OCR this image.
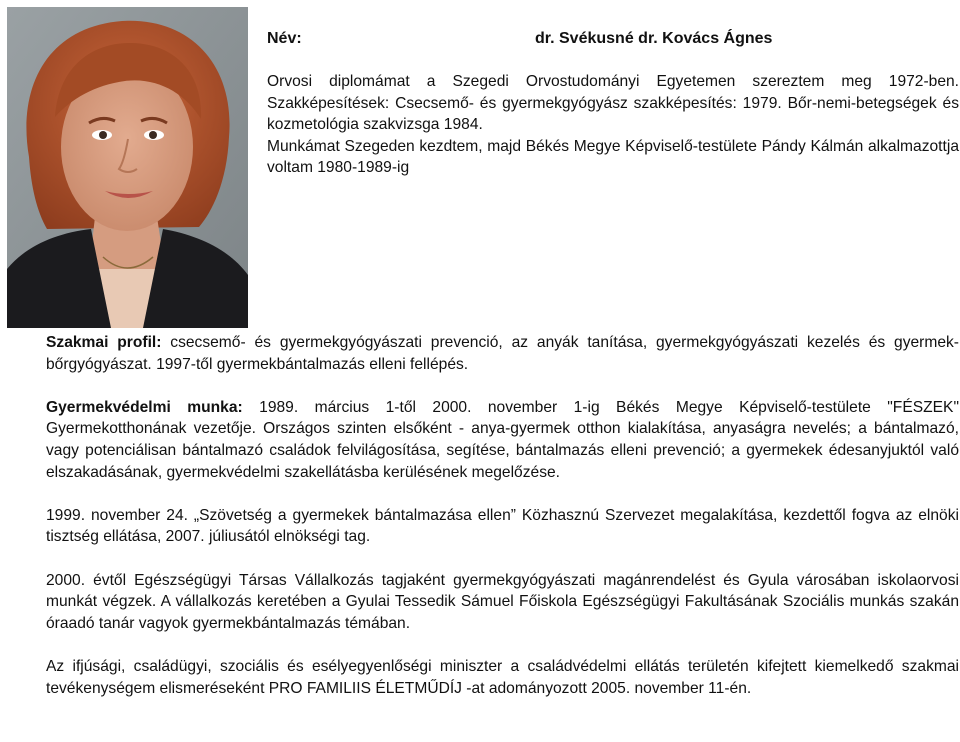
Név:	dr. Svékusné dr. Kovács Ágnes

Orvosi diplomámat a Szegedi Orvostudományi Egyetemen szereztem meg 1972-ben.

Szakképesítések: Csecsemő- és gyermekgyógyász szakképesítés: 1979. Bőr-nemi-betegségek és kozmetológia szakvizsga 1984.

Munkámat Szegeden kezdtem, majd Békés Megye Képviselő-testülete Pándy Kálmán alkalmazottja voltam 1980-1989-ig

Szakmai profil: csecsemő- és gyermekgyógyászati prevenció, az anyák tanítása, gyermekgyógyászati kezelés és gyermek-bőrgyógyászat. 1997-től gyermekbántalmazás elleni fellépés.

Gyermekvédelmi munka: 1989. március 1-től 2000. november 1-ig Békés Megye Képviselő-testülete "FÉSZEK" Gyermekotthonának vezetője. Országos szinten elsőként - anya-gyermek otthon kialakítása, anyaságra nevelés; a bántalmazó, vagy potenciálisan bántalmazó családok felvilágosítása, segítése, bántalmazás elleni prevenció; a gyermekek édesanyjuktól való elszakadásának, gyermekvédelmi szakellátásba kerülésének megelőzése.

1999. november 24. „Szövetség a gyermekek bántalmazása ellen” Közhasznú Szervezet megalakítása, kezdettől fogva az elnöki tisztség ellátása, 2007. júliusától elnökségi tag.

2000. évtől Egészségügyi Társas Vállalkozás tagjaként gyermekgyógyászati magánrendelést és Gyula városában iskolaorvosi munkát végzek. A vállalkozás keretében a Gyulai Tessedik Sámuel Főiskola Egészségügyi Fakultásának Szociális munkás szakán óraadó tanár vagyok gyermekbántalmazás témában.

Az ifjúsági, családügyi, szociális és esélyegyenlőségi miniszter a családvédelmi ellátás területén kifejtett kiemelkedő szakmai tevékenységem elismeréseként PRO FAMILIIS ÉLETMŰDÍJ -at adományozott 2005. november 11-én.
